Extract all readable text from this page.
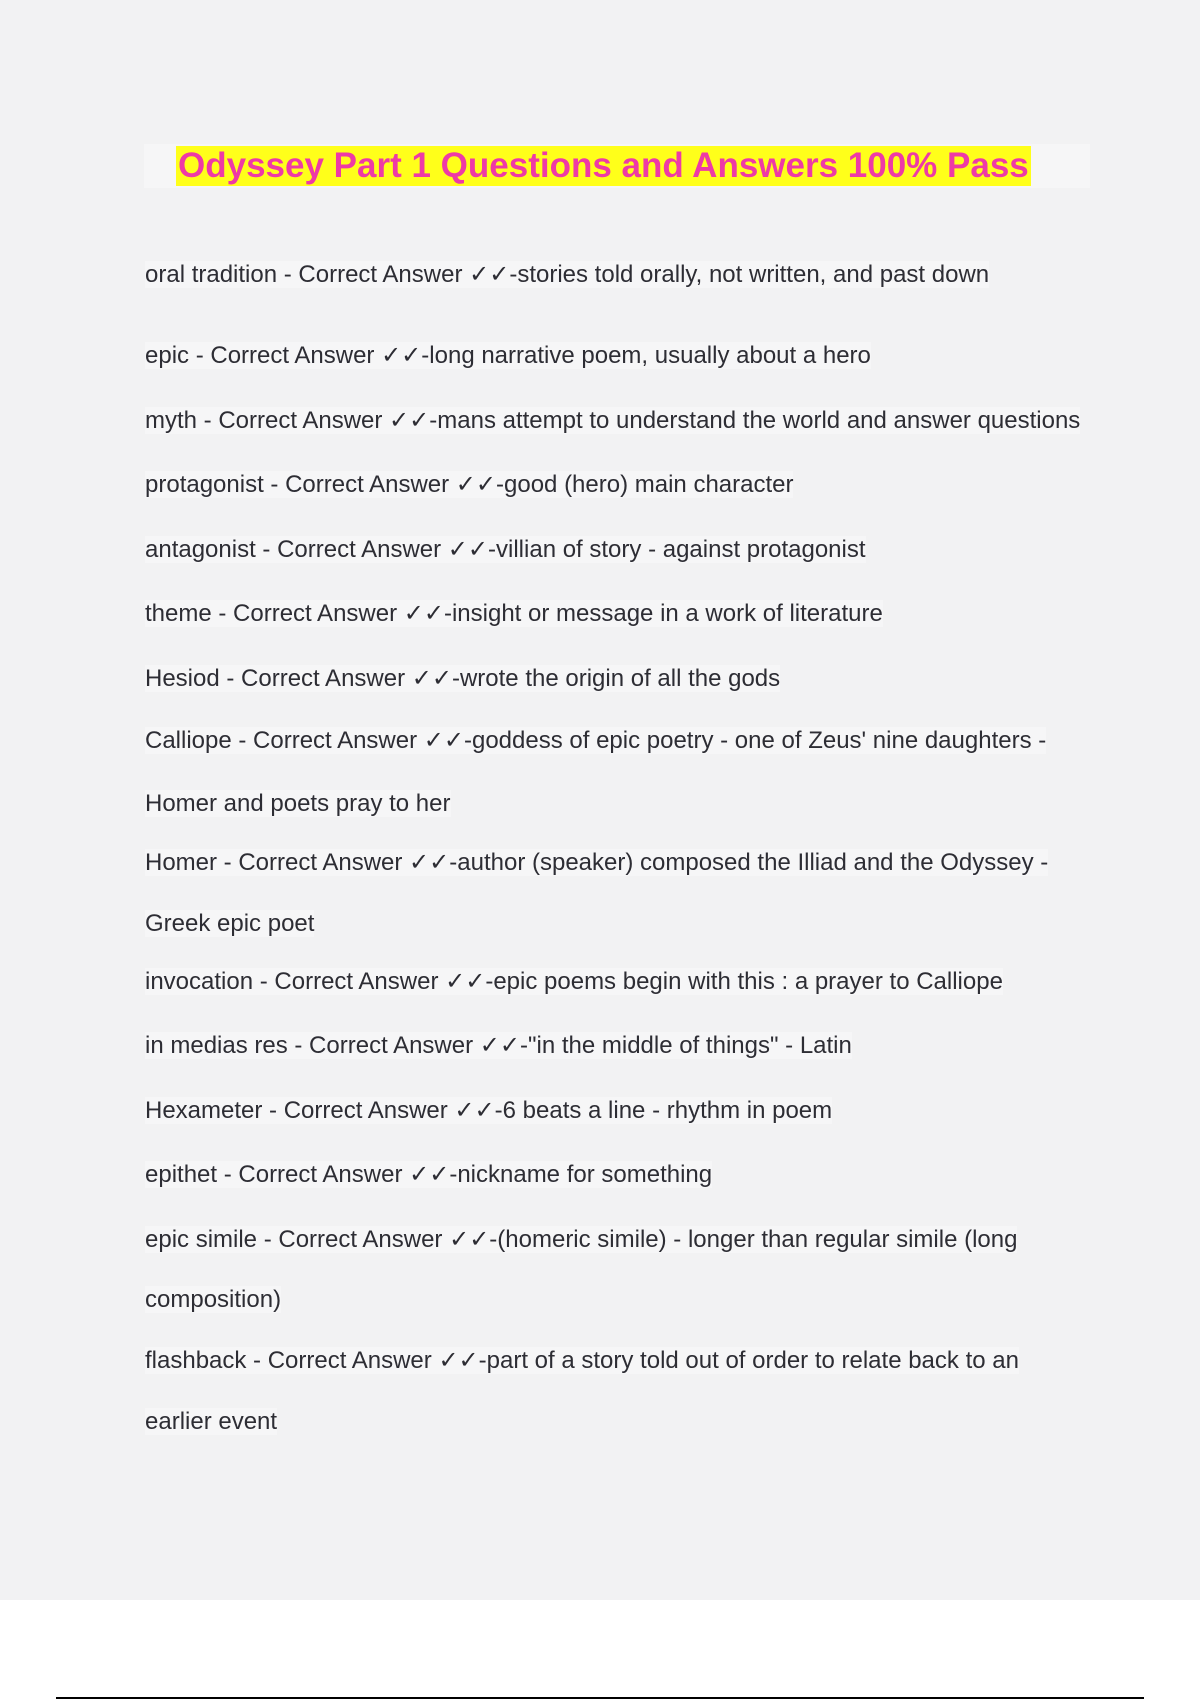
Odyssey Part 1 Questions and Answers 100% Pass
oral tradition - Correct Answer ✓✓-stories told orally, not written, and past down
epic - Correct Answer ✓✓-long narrative poem, usually about a hero
myth - Correct Answer ✓✓-mans attempt to understand the world and answer questions
protagonist - Correct Answer ✓✓-good (hero) main character
antagonist - Correct Answer ✓✓-villian of story - against protagonist
theme - Correct Answer ✓✓-insight or message in a work of literature
Hesiod - Correct Answer ✓✓-wrote the origin of all the gods
Calliope - Correct Answer ✓✓-goddess of epic poetry - one of Zeus' nine daughters -
Homer and poets pray to her
Homer - Correct Answer ✓✓-author (speaker) composed the Illiad and the Odyssey -
Greek epic poet
invocation - Correct Answer ✓✓-epic poems begin with this : a prayer to Calliope
in medias res - Correct Answer ✓✓-"in the middle of things" - Latin
Hexameter - Correct Answer ✓✓-6 beats a line - rhythm in poem
epithet - Correct Answer ✓✓-nickname for something
epic simile - Correct Answer ✓✓-(homeric simile) - longer than regular simile (long
composition)
flashback - Correct Answer ✓✓-part of a story told out of order to relate back to an
earlier event
